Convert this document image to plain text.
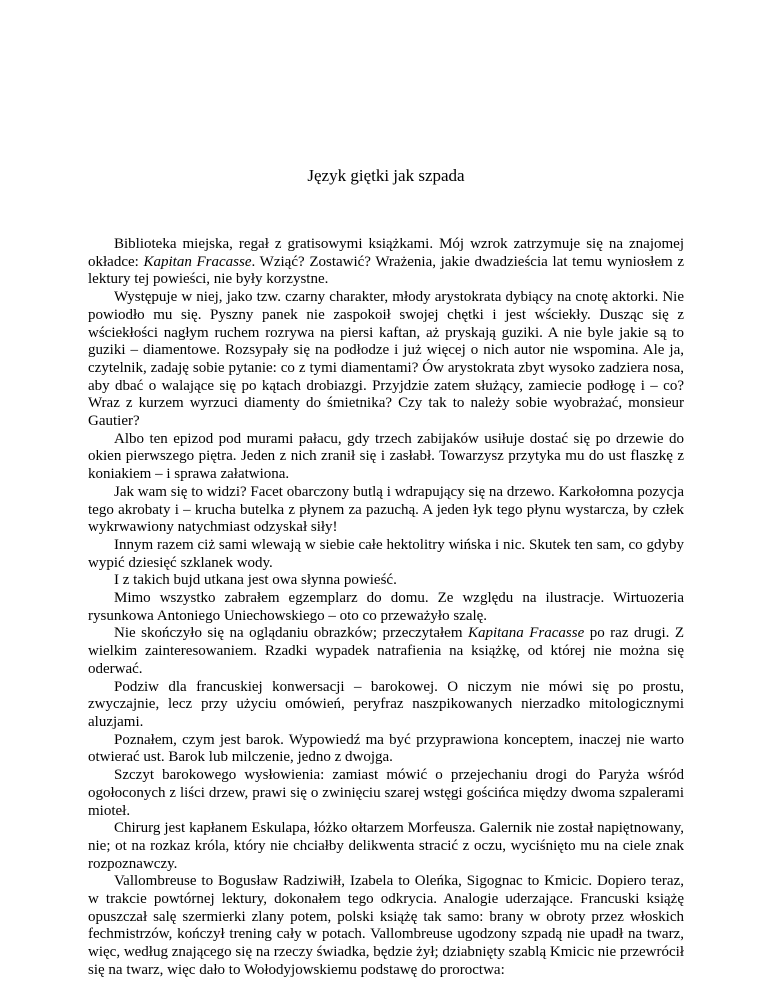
Język giętki jak szpada

Biblioteka miejska, regał z gratisowymi książkami. Mój wzrok zatrzymuje się na znajomej okładce: Kapitan Fracasse. Wziąć? Zostawić? Wrażenia, jakie dwadzieścia lat temu wyniosłem z lektury tej powieści, nie były korzystne.

Występuje w niej, jako tzw. czarny charakter, młody arystokrata dybiący na cnotę aktorki. Nie powiodło mu się. Pyszny panek nie zaspokoił swojej chętki i jest wściekły. Dusząc się z wściekłości nagłym ruchem rozrywa na piersi kaftan, aż pryskają guziki. A nie byle jakie są to guziki – diamentowe. Rozsypały się na podłodze i już więcej o nich autor nie wspomina. Ale ja, czytelnik, zadaję sobie pytanie: co z tymi diamentami? Ów arystokrata zbyt wysoko zadziera nosa, aby dbać o walające się po kątach drobiazgi. Przyjdzie zatem służący, zamiecie podłogę i – co? Wraz z kurzem wyrzuci diamenty do śmietnika? Czy tak to należy sobie wyobrażać, monsieur Gautier?

Albo ten epizod pod murami pałacu, gdy trzech zabijaków usiłuje dostać się po drzewie do okien pierwszego piętra. Jeden z nich zranił się i zasłabł. Towarzysz przytyka mu do ust flaszkę z koniakiem – i sprawa załatwiona.

Jak wam się to widzi? Facet obarczony butlą i wdrapujący się na drzewo. Karkołomna pozycja tego akrobaty i – krucha butelka z płynem za pazuchą. A jeden łyk tego płynu wystarcza, by człek wykrwawiony natychmiast odzyskał siły!

Innym razem ciż sami wlewają w siebie całe hektolitry wińska i nic. Skutek ten sam, co gdyby wypić dziesięć szklanek wody.

I z takich bujd utkana jest owa słynna powieść.

Mimo wszystko zabrałem egzemplarz do domu. Ze względu na ilustracje. Wirtuozeria rysunkowa Antoniego Uniechowskiego – oto co przeważyło szalę.

Nie skończyło się na oglądaniu obrazków; przeczytałem Kapitana Fracasse po raz drugi. Z wielkim zainteresowaniem. Rzadki wypadek natrafienia na książkę, od której nie można się oderwać.

Podziw dla francuskiej konwersacji – barokowej. O niczym nie mówi się po prostu, zwyczajnie, lecz przy użyciu omówień, peryfraz naszpikowanych nierzadko mitologicznymi aluzjami.

Poznałem, czym jest barok. Wypowiedź ma być przyprawiona konceptem, inaczej nie warto otwierać ust. Barok lub milczenie, jedno z dwojga.

Szczyt barokowego wysłowienia: zamiast mówić o przejechaniu drogi do Paryża wśród ogołoconych z liści drzew, prawi się o zwinięciu szarej wstęgi gościńca między dwoma szpalerami mioteł.

Chirurg jest kapłanem Eskulapa, łóżko ołtarzem Morfeusza. Galernik nie został napiętnowany, nie; ot na rozkaz króla, który nie chciałby delikwenta stracić z oczu, wyciśnięto mu na ciele znak rozpoznawczy.

Vallombreuse to Bogusław Radziwiłł, Izabela to Oleńka, Sigognac to Kmicic. Dopiero teraz, w trakcie powtórnej lektury, dokonałem tego odkrycia. Analogie uderzające. Francuski książę opuszczał salę szermierki zlany potem, polski książę tak samo: brany w obroty przez włoskich fechmistrzów, kończył trening cały w potach. Vallombreuse ugodzony szpadą nie upadł na twarz, więc, według znającego się na rzeczy świadka, będzie żył; dziabnięty szablą Kmicic nie przewrócił się na twarz, więc dało to Wołodyjowskiemu podstawę do proroctwa:
